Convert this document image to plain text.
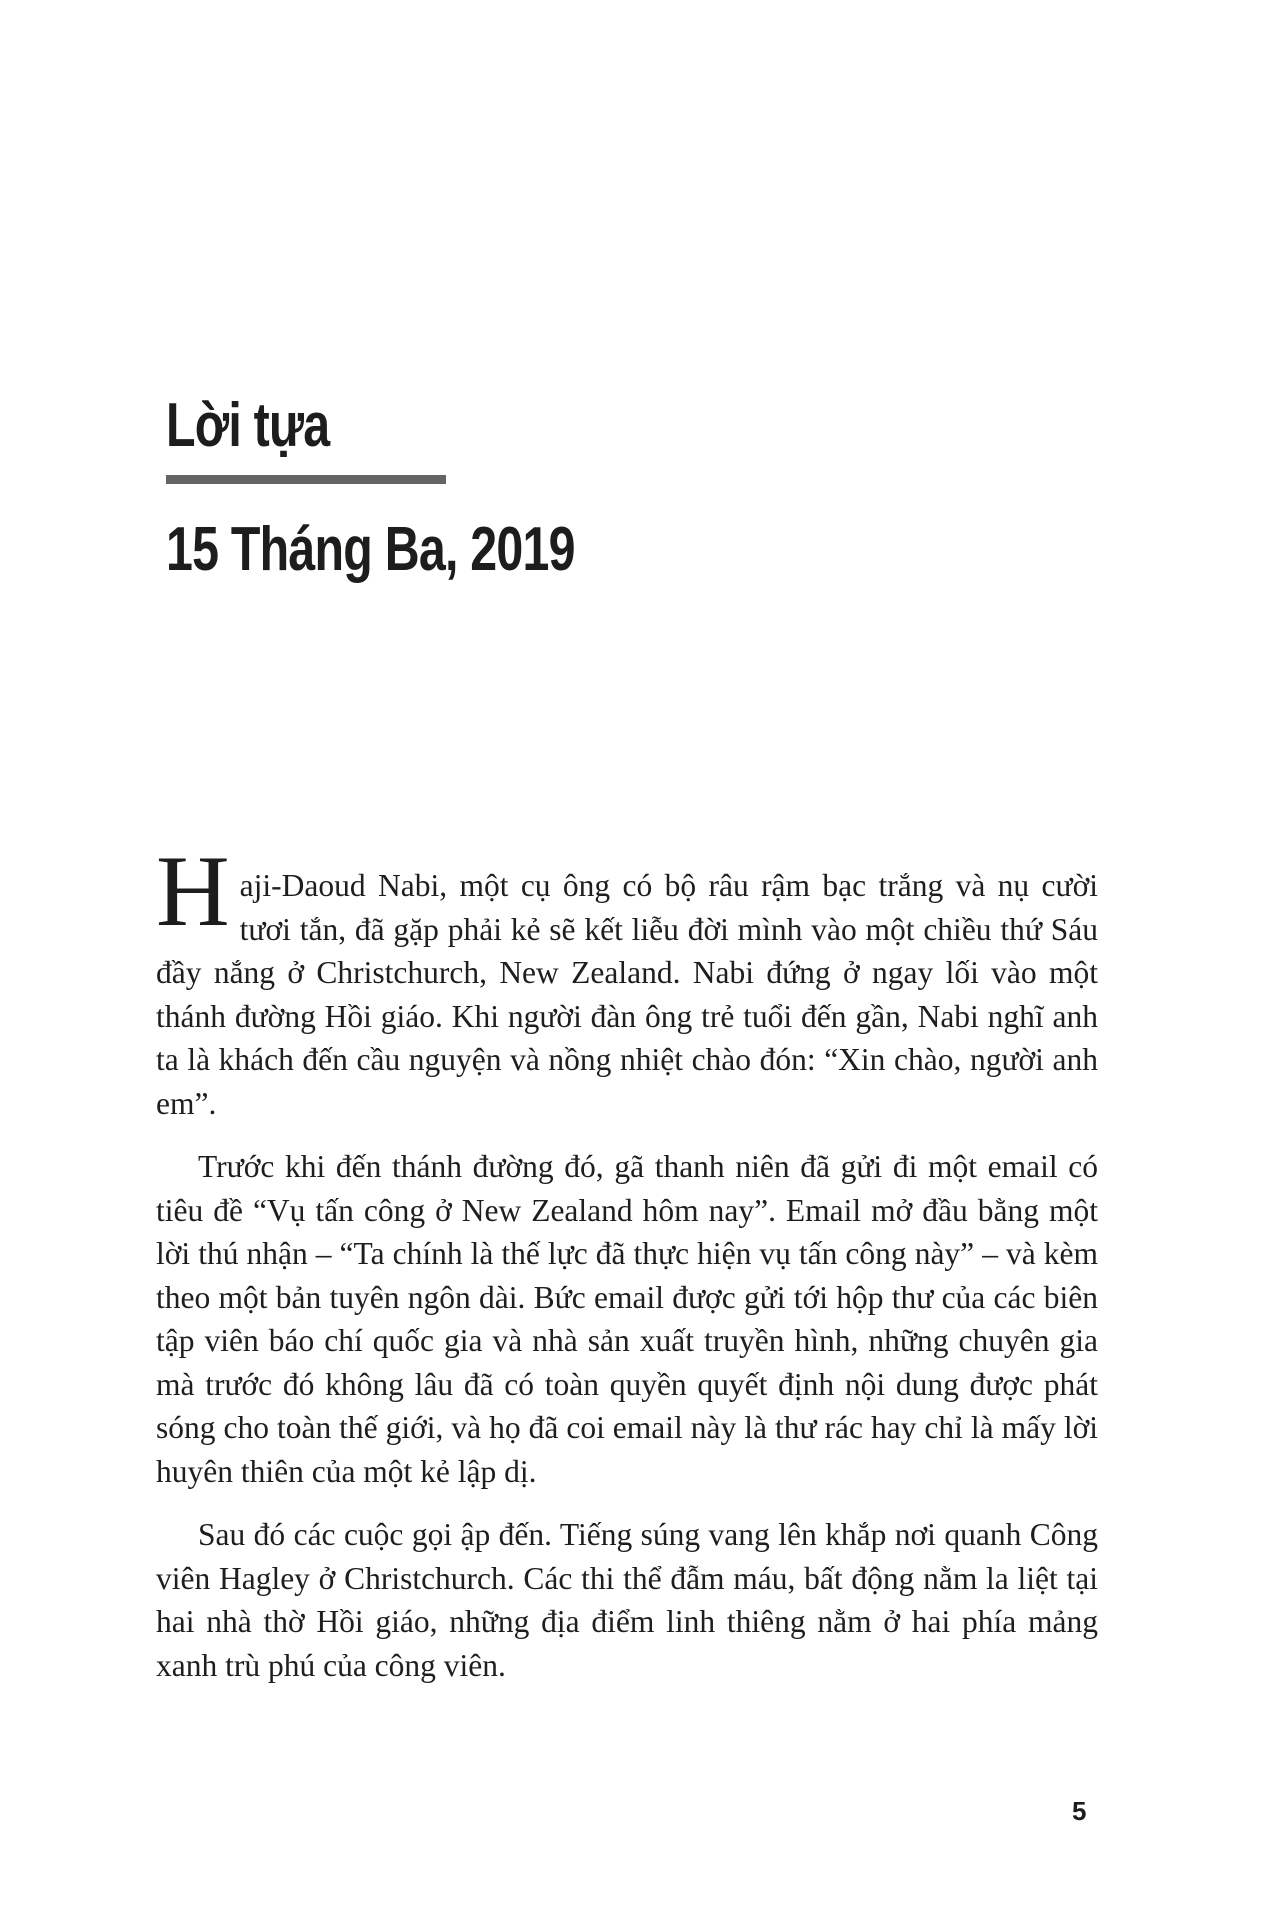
Lời tựa
15 Tháng Ba, 2019

Haji-Daoud Nabi, một cụ ông có bộ râu rậm bạc trắng và nụ cười tươi tắn, đã gặp phải kẻ sẽ kết liễu đời mình vào một chiều thứ Sáu đầy nắng ở Christchurch, New Zealand. Nabi đứng ở ngay lối vào một thánh đường Hồi giáo. Khi người đàn ông trẻ tuổi đến gần, Nabi nghĩ anh ta là khách đến cầu nguyện và nồng nhiệt chào đón: “Xin chào, người anh em”.

Trước khi đến thánh đường đó, gã thanh niên đã gửi đi một email có tiêu đề “Vụ tấn công ở New Zealand hôm nay”. Email mở đầu bằng một lời thú nhận – “Ta chính là thế lực đã thực hiện vụ tấn công này” – và kèm theo một bản tuyên ngôn dài. Bức email được gửi tới hộp thư của các biên tập viên báo chí quốc gia và nhà sản xuất truyền hình, những chuyên gia mà trước đó không lâu đã có toàn quyền quyết định nội dung được phát sóng cho toàn thế giới, và họ đã coi email này là thư rác hay chỉ là mấy lời huyên thiên của một kẻ lập dị.

Sau đó các cuộc gọi ập đến. Tiếng súng vang lên khắp nơi quanh Công viên Hagley ở Christchurch. Các thi thể đẫm máu, bất động nằm la liệt tại hai nhà thờ Hồi giáo, những địa điểm linh thiêng nằm ở hai phía mảng xanh trù phú của công viên.

5
